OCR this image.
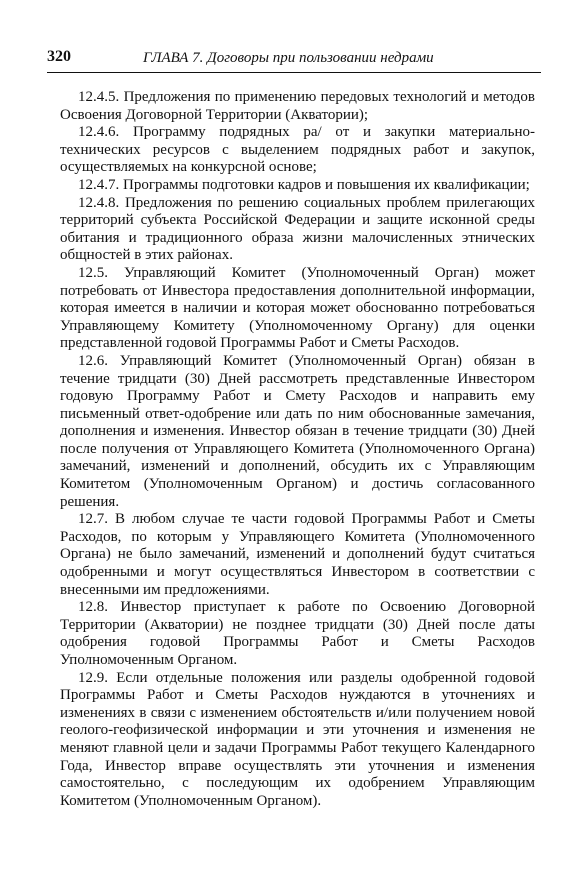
320	ГЛАВА 7. Договоры при пользовании недрами

12.4.5. Предложения по применению передовых технологий и методов Освоения Договорной Территории (Акватории);

12.4.6. Программу подрядных ра/ от и закупки материально-технических ресурсов с выделением подрядных работ и закупок, осуществляемых на конкурсной основе;

12.4.7. Программы подготовки кадров и повышения их квалификации;

12.4.8. Предложения по решению социальных проблем прилегающих территорий субъекта Российской Федерации и защите исконной среды обитания и традиционного образа жизни малочисленных этнических общностей в этих районах.

12.5. Управляющий Комитет (Уполномоченный Орган) может потребовать от Инвестора предоставления дополнительной информации, которая имеется в наличии и которая может обоснованно потребоваться Управляющему Комитету (Уполномоченному Органу) для оценки представленной годовой Программы Работ и Сметы Расходов.

12.6. Управляющий Комитет (Уполномоченный Орган) обязан в течение тридцати (30) Дней рассмотреть представленные Инвестором годовую Программу Работ и Смету Расходов и направить ему письменный ответ-одобрение или дать по ним обоснованные замечания, дополнения и изменения. Инвестор обязан в течение тридцати (30) Дней после получения от Управляющего Комитета (Уполномоченного Органа) замечаний, изменений и дополнений, обсудить их с Управляющим Комитетом (Уполномоченным Органом) и достичь согласованного решения.

12.7. В любом случае те части годовой Программы Работ и Сметы Расходов, по которым у Управляющего Комитета (Уполномоченного Органа) не было замечаний, изменений и дополнений будут считаться одобренными и могут осуществляться Инвестором в соответствии с внесенными им предложениями.

12.8. Инвестор приступает к работе по Освоению Договорной Территории (Акватории) не позднее тридцати (30) Дней после даты одобрения годовой Программы Работ и Сметы Расходов Уполномоченным Органом.

12.9. Если отдельные положения или разделы одобренной годовой Программы Работ и Сметы Расходов нуждаются в уточнениях и изменениях в связи с изменением обстоятельств и/или получением новой геолого-геофизической информации и эти уточнения и изменения не меняют главной цели и задачи Программы Работ текущего Календарного Года, Инвестор вправе осуществлять эти уточнения и изменения самостоятельно, с последующим их одобрением Управляющим Комитетом (Уполномоченным Органом).
